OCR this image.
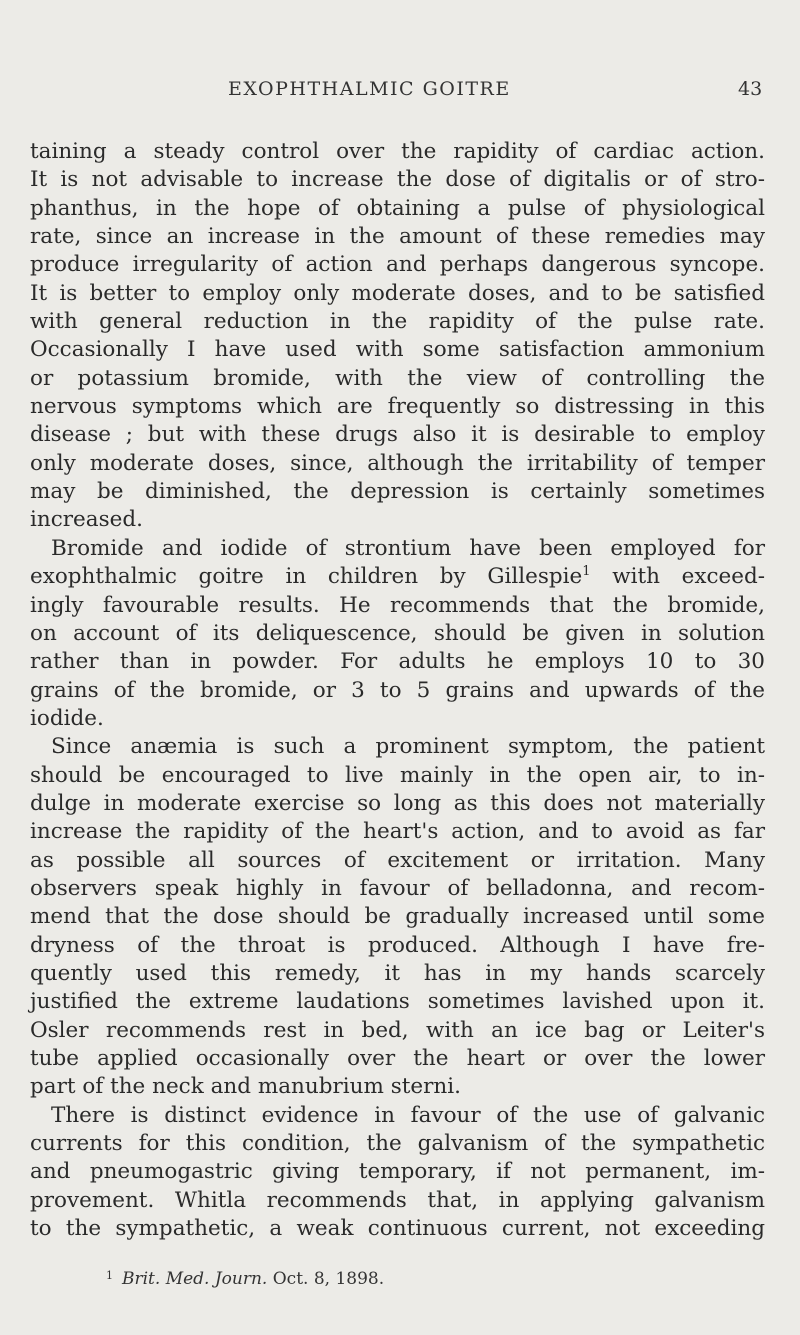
EXOPHTHALMIC GOITRE	43
taining a steady control over the rapidity of cardiac action.
It is not advisable to increase the dose of digitalis or of stro-
phanthus, in the hope of obtaining a pulse of physiological
rate, since an increase in the amount of these remedies may
produce irregularity of action and perhaps dangerous syncope.
It is better to employ only moderate doses, and to be satisfied
with general reduction in the rapidity of the pulse rate.
Occasionally I have used with some satisfaction ammonium
or potassium bromide, with the view of controlling the
nervous symptoms which are frequently so distressing in this
disease ; but with these drugs also it is desirable to employ
only moderate doses, since, although the irritability of temper
may be diminished, the depression is certainly sometimes
increased.
Bromide and iodide of strontium have been employed for
exophthalmic goitre in children by Gillespie$^1$ with exceed-
ingly favourable results. He recommends that the bromide,
on account of its deliquescence, should be given in solution
rather than in powder. For adults he employs 10 to 30
grains of the bromide, or 3 to 5 grains and upwards of the
iodide.
Since anæmia is such a prominent symptom, the patient
should be encouraged to live mainly in the open air, to in-
dulge in moderate exercise so long as this does not materially
increase the rapidity of the heart's action, and to avoid as far
as possible all sources of excitement or irritation. Many
observers speak highly in favour of belladonna, and recom-
mend that the dose should be gradually increased until some
dryness of the throat is produced. Although I have fre-
quently used this remedy, it has in my hands scarcely
justified the extreme laudations sometimes lavished upon it.
Osler recommends rest in bed, with an ice bag or Leiter's
tube applied occasionally over the heart or over the lower
part of the neck and manubrium sterni.
There is distinct evidence in favour of the use of galvanic
currents for this condition, the galvanism of the sympathetic
and pneumogastric giving temporary, if not permanent, im-
provement. Whitla recommends that, in applying galvanism
to the sympathetic, a weak continuous current, not exceeding
$^1$ Brit. Med. Journ. Oct. 8, 1898.
